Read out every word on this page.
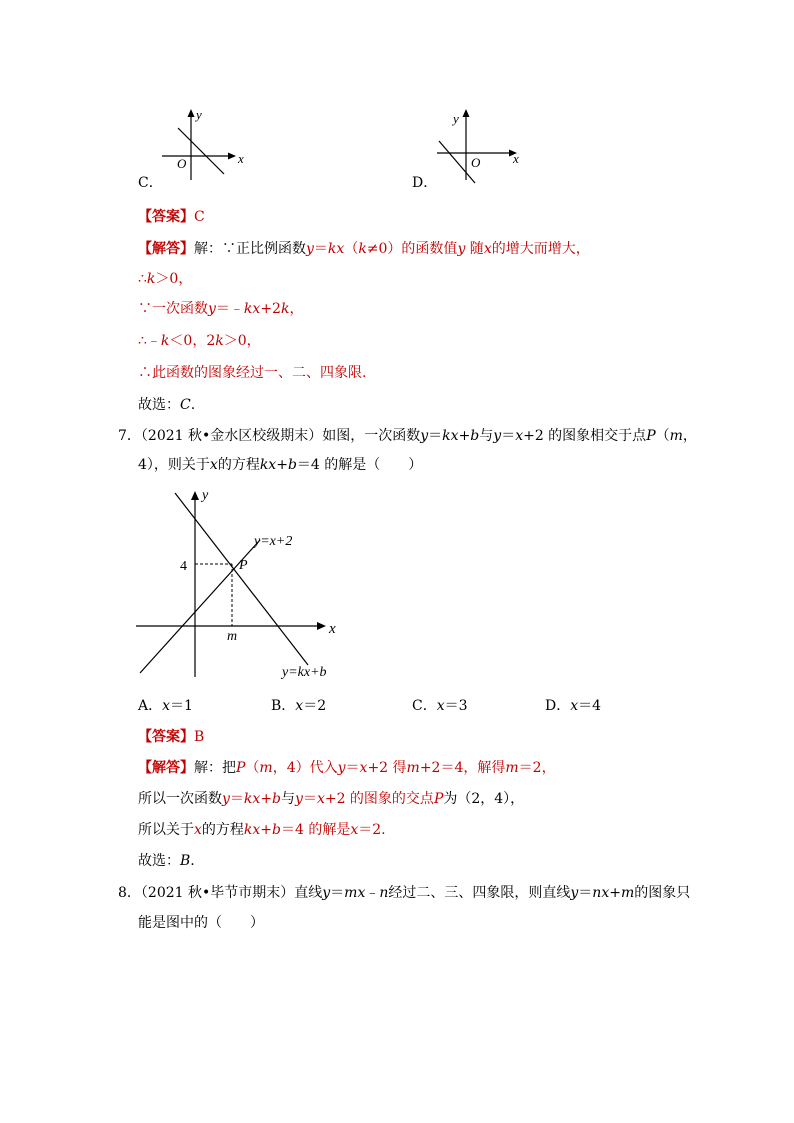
y
x
O
C．
y
x
O
D．
【答案】C
【解答】解：∵正比例函数y＝kx（k≠0）的函数值y 随x的增大而增大，
∴k＞0，
∵一次函数y＝﹣kx+2k，
∴﹣k＜0，2k＞0，
∴此函数的图象经过一、二、四象限.
故选：C.
7．（2021 秋•金水区校级期末）如图，一次函数y＝kx+b与y＝x+2 的图象相交于点P（m，
4），则关于x的方程kx+b＝4 的解是（　　）
y
x
y=x+2
y=kx+b
P
4
m
A．x＝1	B．x＝2	C．x＝3	D．x＝4
【答案】B
【解答】解：把P（m，4）代入y＝x+2 得m+2＝4，解得m＝2，
所以一次函数y＝kx+b与y＝x+2 的图象的交点P为（2，4），
所以关于x的方程kx+b＝4 的解是x＝2.
故选：B.
8．（2021 秋•毕节市期末）直线y＝mx﹣n经过二、三、四象限，则直线y＝nx+m的图象只
能是图中的（　　）
